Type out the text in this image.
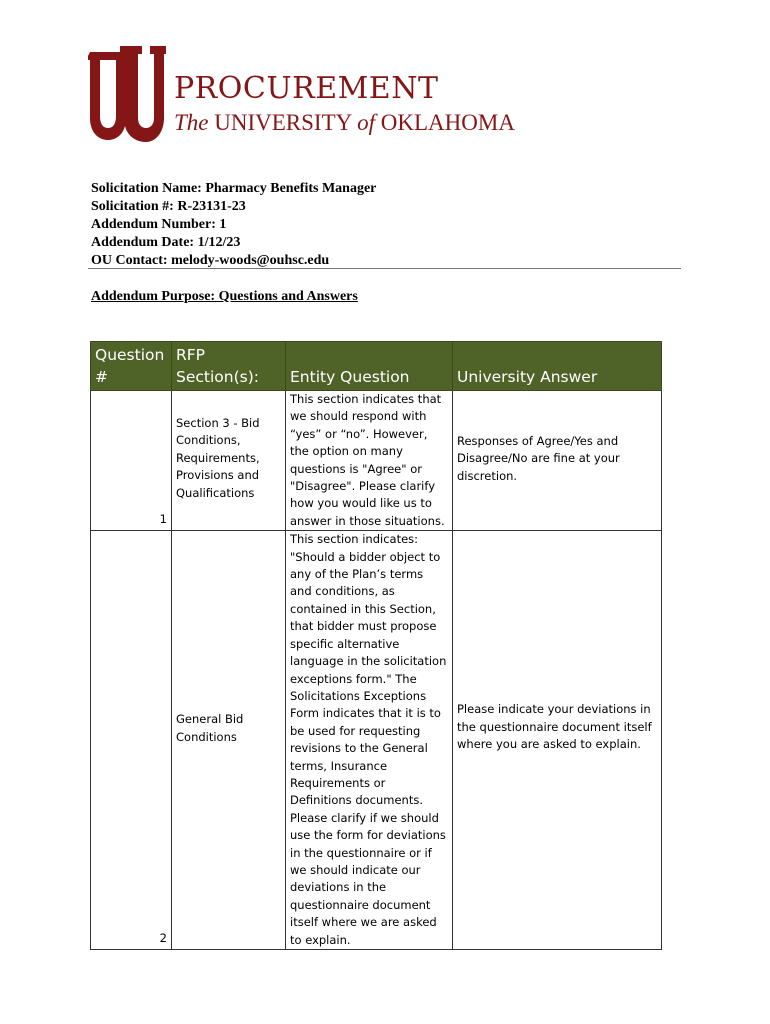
ST
PROCUREMENT
The UNIVERSITY of OKLAHOMA
Solicitation Name: Pharmacy Benefits Manager
Solicitation #: R-23131-23
Addendum Number: 1
Addendum Date: 1/12/23
OU Contact: melody-woods@ouhsc.edu
Addendum Purpose: Questions and Answers
Question #	RFP Section(s):	Entity Question	University Answer
1	Section 3 - Bid Conditions, Requirements, Provisions and Qualifications	This section indicates that we should respond with “yes” or “no”. However, the option on many questions is "Agree" or "Disagree". Please clarify how you would like us to answer in those situations.	Responses of Agree/Yes and Disagree/No are fine at your discretion.
2	General Bid Conditions	This section indicates: "Should a bidder object to any of the Plan’s terms and conditions, as contained in this Section, that bidder must propose specific alternative language in the solicitation exceptions form." The Solicitations Exceptions Form indicates that it is to be used for requesting revisions to the General terms, Insurance Requirements or Definitions documents. Please clarify if we should use the form for deviations in the questionnaire or if we should indicate our deviations in the questionnaire document itself where we are asked to explain.	Please indicate your deviations in the questionnaire document itself where you are asked to explain.
